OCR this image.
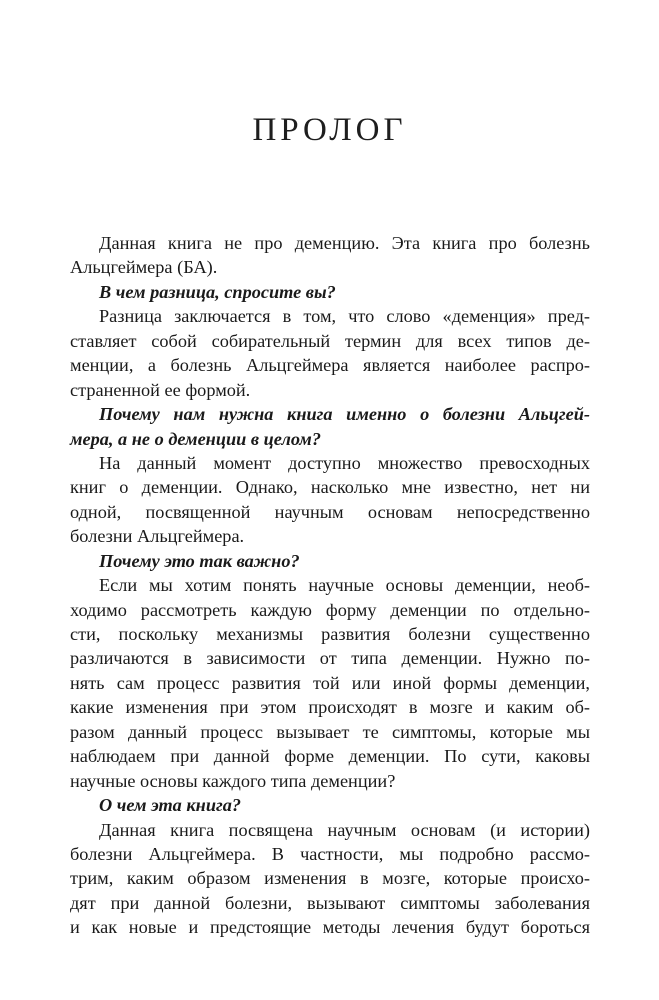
ПРОЛОГ
Данная книга не про деменцию. Эта книга про болезнь
Альцгеймера (БА).
В чем разница, спросите вы?
Разница заключается в том, что слово «деменция» пред-
ставляет собой собирательный термин для всех типов де-
менции, а болезнь Альцгеймера является наиболее распро-
страненной ее формой.
Почему нам нужна книга именно о болезни Альцгей-
мера, а не о деменции в целом?
На данный момент доступно множество превосходных
книг о деменции. Однако, насколько мне известно, нет ни
одной, посвященной научным основам непосредственно
болезни Альцгеймера.
Почему это так важно?
Если мы хотим понять научные основы деменции, необ-
ходимо рассмотреть каждую форму деменции по отдельно-
сти, поскольку механизмы развития болезни существенно
различаются в зависимости от типа деменции. Нужно по-
нять сам процесс развития той или иной формы деменции,
какие изменения при этом происходят в мозге и каким об-
разом данный процесс вызывает те симптомы, которые мы
наблюдаем при данной форме деменции. По сути, каковы
научные основы каждого типа деменции?
О чем эта книга?
Данная книга посвящена научным основам (и истории)
болезни Альцгеймера. В частности, мы подробно рассмо-
трим, каким образом изменения в мозге, которые происхо-
дят при данной болезни, вызывают симптомы заболевания
и как новые и предстоящие методы лечения будут бороться
